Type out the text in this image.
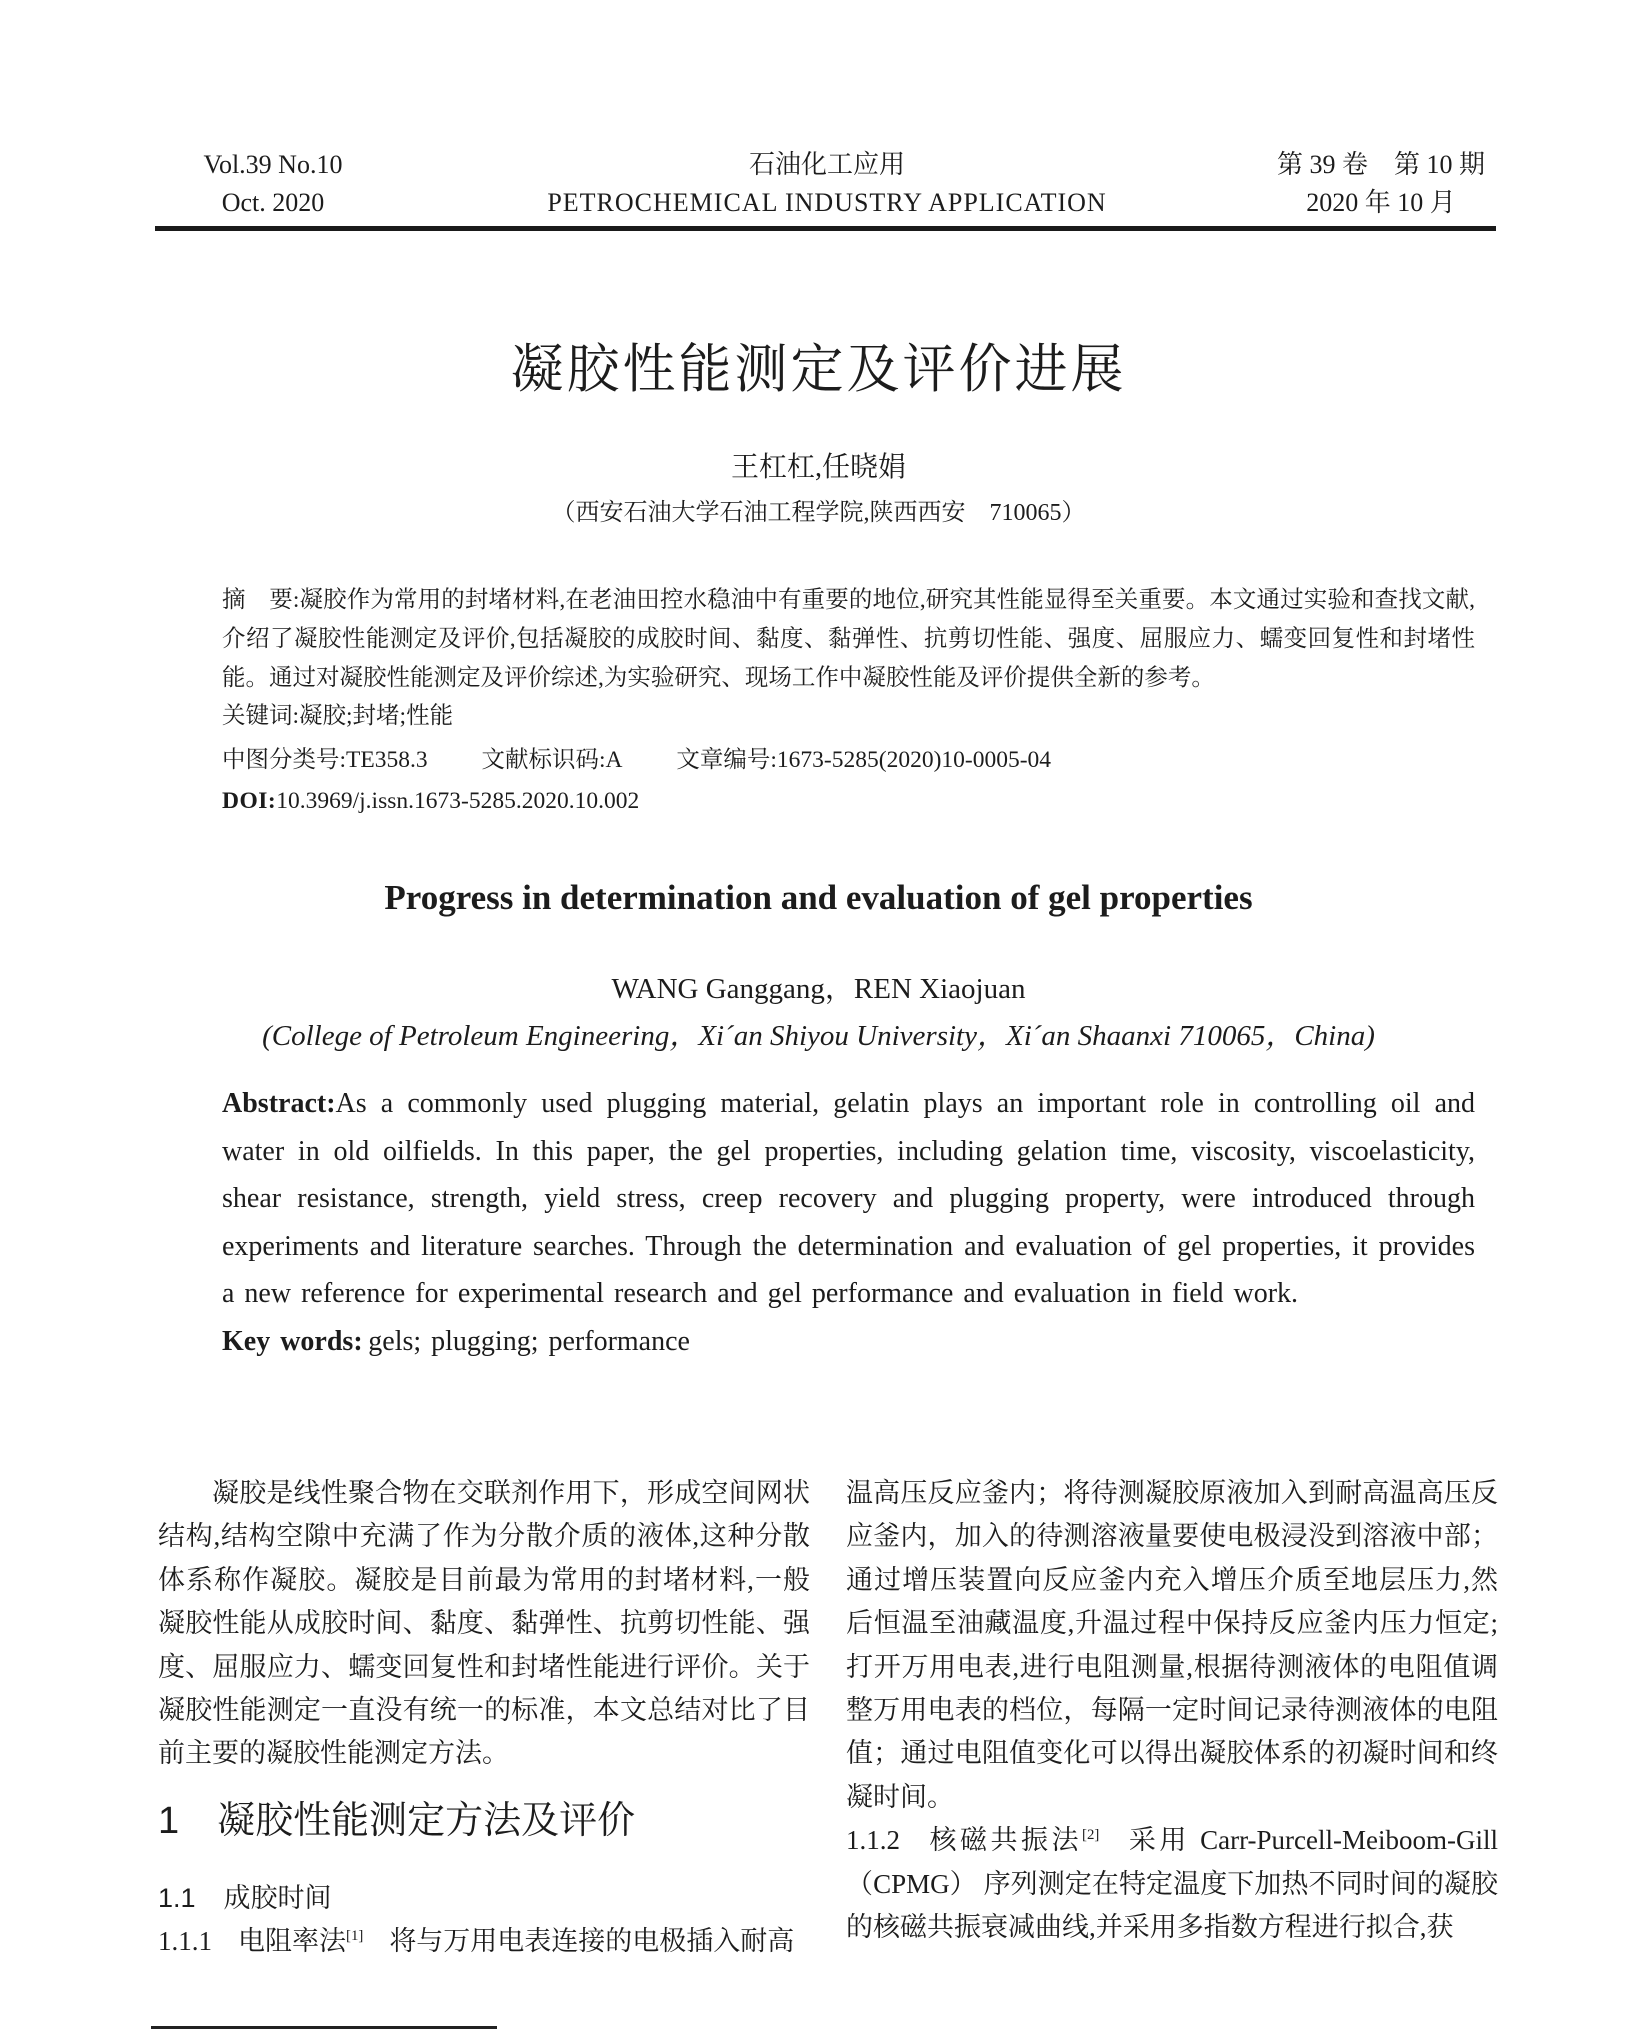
Vol.39 No.10
Oct. 2020
石油化工应用
PETROCHEMICAL INDUSTRY APPLICATION
第 39 卷　第 10 期
2020 年 10 月
凝胶性能测定及评价进展
王杠杠,任晓娟
（西安石油大学石油工程学院,陕西西安　710065）

摘　要:凝胶作为常用的封堵材料,在老油田控水稳油中有重要的地位,研究其性能显得至关重要。本文通过实验和查找文献,介绍了凝胶性能测定及评价,包括凝胶的成胶时间、黏度、黏弹性、抗剪切性能、强度、屈服应力、蠕变回复性和封堵性能。通过对凝胶性能测定及评价综述,为实验研究、现场工作中凝胶性能及评价提供全新的参考。

关键词:凝胶;封堵;性能

中图分类号:TE358.3 文献标识码:A 文章编号:1673-5285(2020)10-0005-04

DOI:10.3969/j.issn.1673-5285.2020.10.002

Progress in determination and evaluation of gel properties
WANG Ganggang，REN Xiaojuan
(College of Petroleum Engineering，Xi´an Shiyou University，Xi´an Shaanxi 710065，China)

Abstract:As a commonly used plugging material, gelatin plays an important role in controlling oil and water in old oilfields. In this paper, the gel properties, including gelation time, viscosity, viscoelasticity, shear resistance, strength, yield stress, creep recovery and plugging property, were introduced through experiments and literature searches. Through the determination and evaluation of gel properties, it provides a new reference for experimental research and gel performance and evaluation in field work.

Key words:  gels; plugging; performance

凝胶是线性聚合物在交联剂作用下，形成空间网状结构,结构空隙中充满了作为分散介质的液体,这种分散体系称作凝胶。凝胶是目前最为常用的封堵材料,一般凝胶性能从成胶时间、黏度、黏弹性、抗剪切性能、强度、屈服应力、蠕变回复性和封堵性能进行评价。关于凝胶性能测定一直没有统一的标准，本文总结对比了目前主要的凝胶性能测定方法。

1 凝胶性能测定方法及评价
1.1 成胶时间

1.1.1 电阻率法[1] 将与万用电表连接的电极插入耐高

温高压反应釜内；将待测凝胶原液加入到耐高温高压反应釜内，加入的待测溶液量要使电极浸没到溶液中部；通过增压装置向反应釜内充入增压介质至地层压力,然后恒温至油藏温度,升温过程中保持反应釜内压力恒定;打开万用电表,进行电阻测量,根据待测液体的电阻值调整万用电表的档位，每隔一定时间记录待测液体的电阻值；通过电阻值变化可以得出凝胶体系的初凝时间和终凝时间。

1.1.2 核磁共振法[2] 采用 Carr-Purcell-Meiboom-Gill（CPMG） 序列测定在特定温度下加热不同时间的凝胶的核磁共振衰减曲线,并采用多指数方程进行拟合,获
